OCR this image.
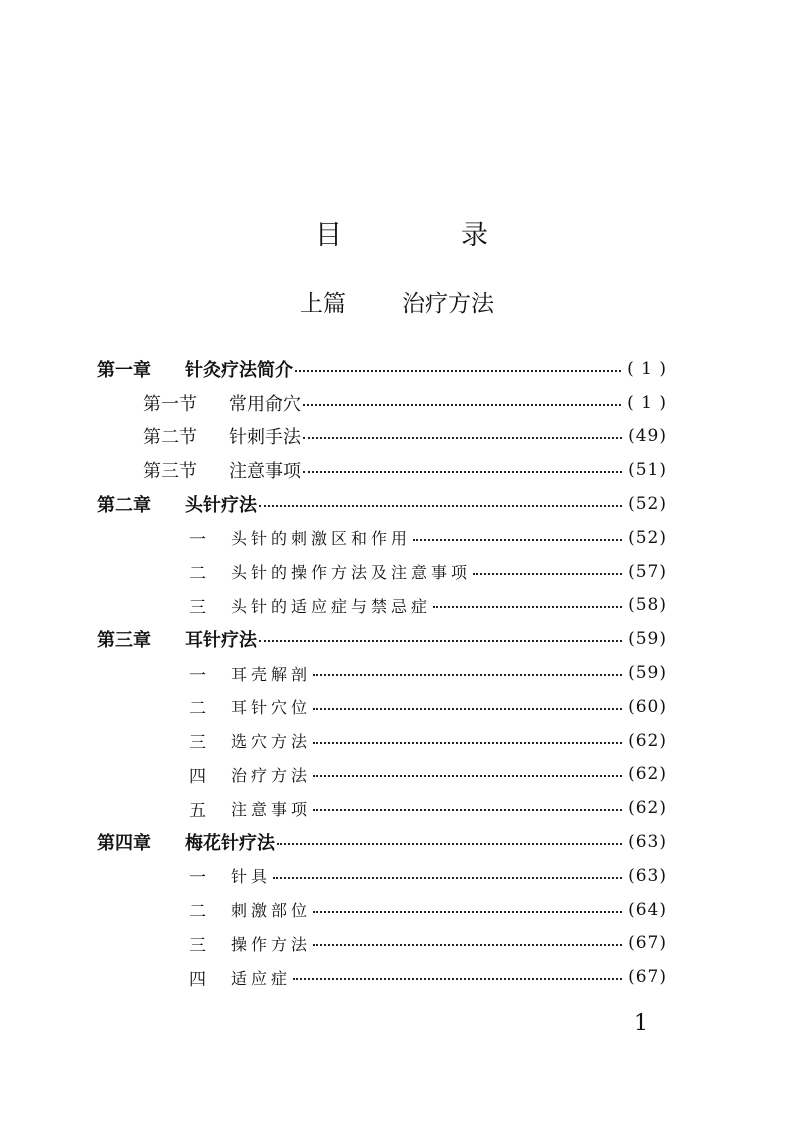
目　录
上篇 治疗方法
第一章	针灸疗法简介	( 1 )
第一节	常用俞穴	( 1 )
第二节	针刺手法	(49)
第三节	注意事项	(51)
第二章	头针疗法	(52)
一	头针的刺激区和作用	(52)
二	头针的操作方法及注意事项	(57)
三	头针的适应症与禁忌症	(58)
第三章	耳针疗法	(59)
一	耳壳解剖	(59)
二	耳针穴位	(60)
三	选穴方法	(62)
四	治疗方法	(62)
五	注意事项	(62)
第四章	梅花针疗法	(63)
一	针具	(63)
二	刺激部位	(64)
三	操作方法	(67)
四	适应症	(67)
1
